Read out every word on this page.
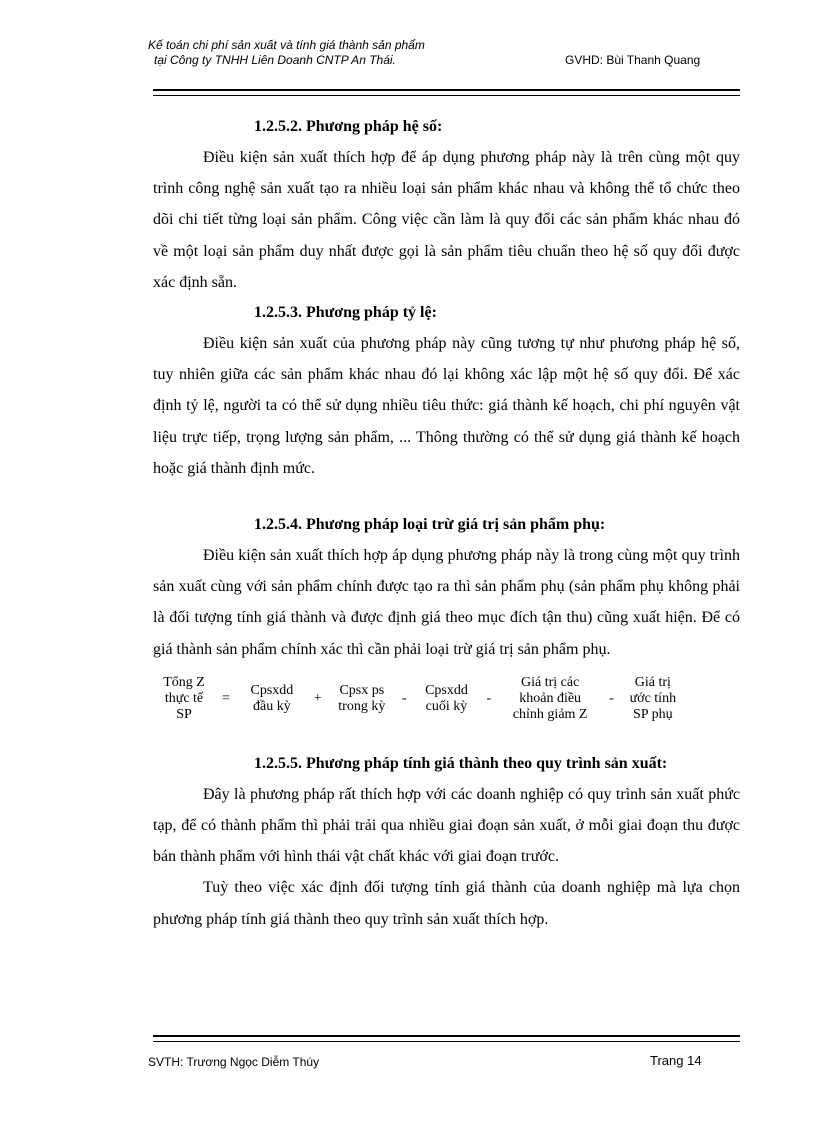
Kế toán chi phí sản xuất và tính giá thành sản phẩm
tại Công ty TNHH Liên Doanh CNTP An Thái.	GVHD: Bùi Thanh Quang
1.2.5.2. Phương pháp hệ số:

Điều kiện sản xuất thích hợp để áp dụng phương pháp này là trên cùng một quy trình công nghệ sản xuất tạo ra nhiều loại sản phẩm khác nhau và không thể tổ chức theo dõi chi tiết từng loại sản phẩm. Công việc cần làm là quy đổi các sản phẩm khác nhau đó về một loại sản phẩm duy nhất được gọi là sản phẩm tiêu chuẩn theo hệ số quy đổi được xác định sẵn.

1.2.5.3. Phương pháp tỷ lệ:

Điều kiện sản xuất của phương pháp này cũng tương tự như phương pháp hệ số, tuy nhiên giữa các sản phẩm khác nhau đó lại không xác lập một hệ số quy đổi. Để xác định tỷ lệ, người ta có thể sử dụng nhiều tiêu thức: giá thành kế hoạch, chi phí nguyên vật liệu trực tiếp, trọng lượng sản phẩm, ... Thông thường có thể sử dụng giá thành kế hoạch hoặc giá thành định mức.

1.2.5.4. Phương pháp loại trừ giá trị sản phẩm phụ:

Điều kiện sản xuất thích hợp áp dụng phương pháp này là trong cùng một quy trình sản xuất cùng với sản phẩm chính được tạo ra thì sản phẩm phụ (sản phẩm phụ không phải là đối tượng tính giá thành và được định giá theo mục đích tận thu) cũng xuất hiện. Để có giá thành sản phẩm chính xác thì cần phải loại trừ giá trị sản phẩm phụ.

Tổng Z
thực tế
SP
=
Cpsxdd
đầu kỳ
+
Cpsx ps
trong kỳ
-
Cpsxdd
cuối kỳ
-
Giá trị các
khoản điều
chỉnh giảm Z
-
Giá trị
ước tính
SP phụ
1.2.5.5. Phương pháp tính giá thành theo quy trình sản xuất:

Đây là phương pháp rất thích hợp với các doanh nghiệp có quy trình sản xuất phức tạp, để có thành phẩm thì phải trải qua nhiều giai đoạn sản xuất, ở mỗi giai đoạn thu được bán thành phẩm với hình thái vật chất khác với giai đoạn trước.

Tuỳ theo việc xác định đối tượng tính giá thành của doanh nghiệp mà lựa chọn phương pháp tính giá thành theo quy trình sản xuất thích hợp.

SVTH: Trương Ngọc Diễm Thúy	Trang 14
